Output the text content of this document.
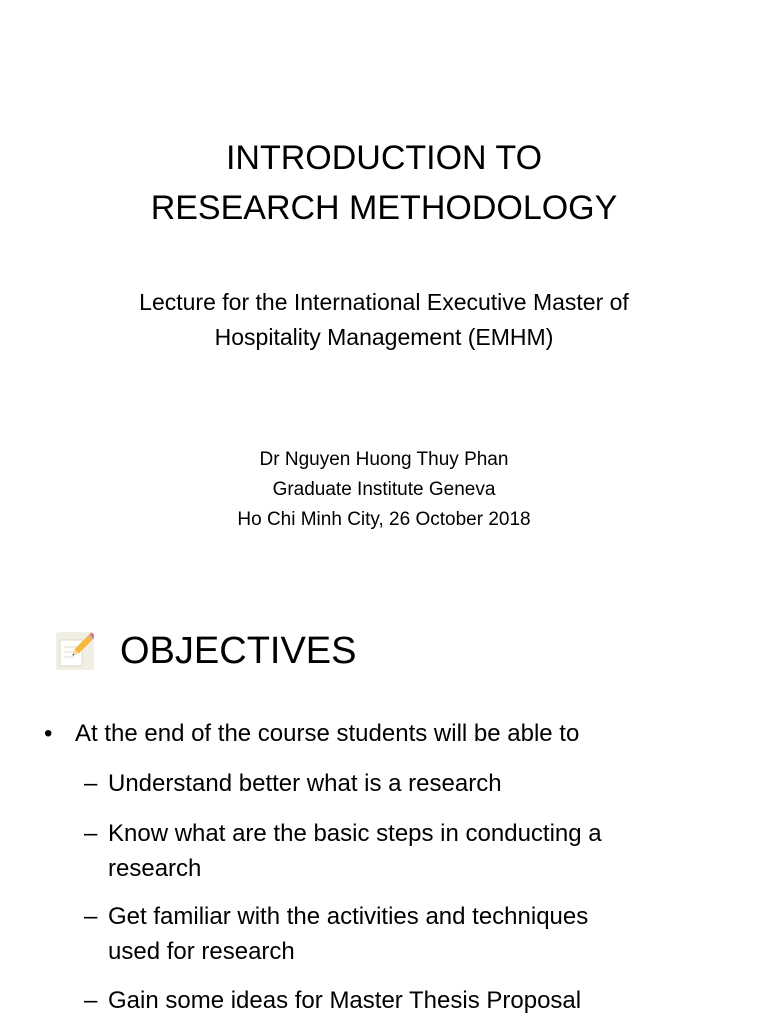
INTRODUCTION TO
RESEARCH METHODOLOGY
Lecture for the International Executive Master of
Hospitality Management (EMHM)
Dr Nguyen Huong Thuy Phan
Graduate Institute Geneva
Ho Chi Minh City, 26 October 2018
OBJECTIVES
• At the end of the course students will be able to
– Understand better what is a research
– Know what are the basic steps in conducting a
research
– Get familiar with the activities and techniques
used for research
– Gain some ideas for Master Thesis Proposal
